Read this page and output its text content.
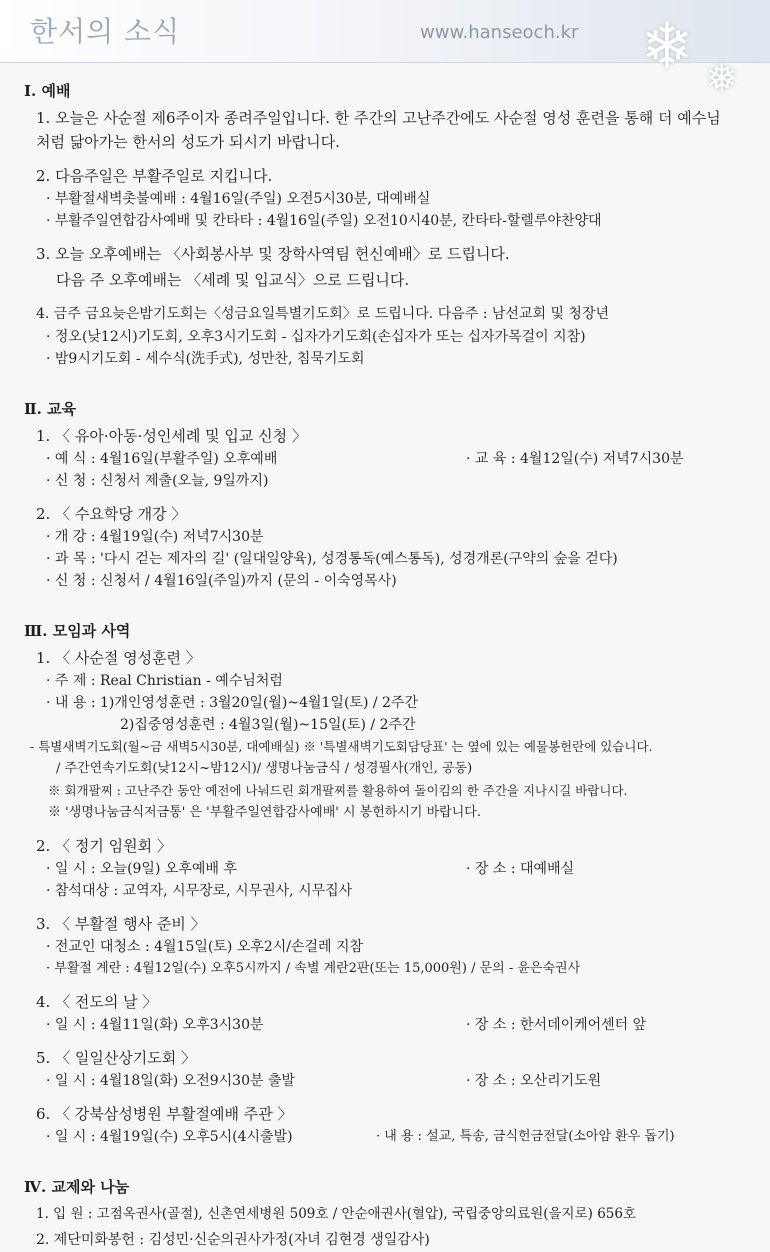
한서의 소식	www.hanseoch.kr ❄ ❅
Ⅰ. 예배
1. 오늘은 사순절 제6주이자 종려주일입니다. 한 주간의 고난주간에도 사순절 영성 훈련을 통해 더 예수님처럼 닮아가는 한서의 성도가 되시기 바랍니다.
2. 다음주일은 부활주일로 지킵니다.
· 부활절새벽촛불예배 : 4월16일(주일) 오전5시30분, 대예배실
· 부활주일연합감사예배 및 칸타타 : 4월16일(주일) 오전10시40분, 칸타타-할렐루야찬양대
3. 오늘 오후예배는 〈사회봉사부 및 장학사역팀 헌신예배〉로 드립니다.
다음 주 오후예배는 〈세례 및 입교식〉으로 드립니다.
4. 금주 금요늦은밤기도회는〈성금요일특별기도회〉로 드립니다. 다음주 : 남선교회 및 청장년
· 정오(낮12시)기도회, 오후3시기도회 - 십자가기도회(손십자가 또는 십자가목걸이 지참)
· 밤9시기도회 - 세수식(洗手式), 성만찬, 침묵기도회
Ⅱ. 교육
1. 〈 유아·아동·성인세례 및 입교 신청 〉
· 예 식 : 4월16일(부활주일) 오후예배	· 교 육 : 4월12일(수) 저녁7시30분
· 신 청 : 신청서 제출(오늘, 9일까지)
2. 〈 수요학당 개강 〉
· 개 강 : 4월19일(수) 저녁7시30분
· 과 목 : '다시 걷는 제자의 길' (일대일양육), 성경통독(예스통독), 성경개론(구약의 숲을 걷다)
· 신 청 : 신청서 / 4월16일(주일)까지 (문의 - 이숙영목사)
Ⅲ. 모임과 사역
1. 〈 사순절 영성훈련 〉
· 주 제 : Real Christian - 예수님처럼
· 내 용 : 1)개인영성훈련 : 3월20일(월)~4월1일(토) / 2주간
2)집중영성훈련 : 4월3일(월)~15일(토) / 2주간
- 특별새벽기도회(월~금 새벽5시30분, 대예배실) ※ '특별새벽기도회담당표' 는 옆에 있는 예물봉헌란에 있습니다.
/ 주간연속기도회(낮12시~밤12시)/ 생명나눔금식 / 성경필사(개인, 공동)
※ 회개팔찌 : 고난주간 동안 예전에 나눠드린 회개팔찌를 활용하여 돌이킴의 한 주간을 지나시길 바랍니다.
※ '생명나눔금식저금통' 은 '부활주일연합감사예배' 시 봉헌하시기 바랍니다.
2. 〈 정기 임원회 〉
· 일 시 : 오늘(9일) 오후예배 후	· 장 소 : 대예배실
· 참석대상 : 교역자, 시무장로, 시무권사, 시무집사
3. 〈 부활절 행사 준비 〉
· 전교인 대청소 : 4월15일(토) 오후2시/손걸레 지참
· 부활절 계란 : 4월12일(수) 오후5시까지 / 속별 계란2판(또는 15,000원) / 문의 - 윤은숙권사
4. 〈 전도의 날 〉
· 일 시 : 4월11일(화) 오후3시30분	· 장 소 : 한서데이케어센터 앞
5. 〈 일일산상기도회 〉
· 일 시 : 4월18일(화) 오전9시30분 출발	· 장 소 : 오산리기도원
6. 〈 강북삼성병원 부활절예배 주관 〉
· 일 시 : 4월19일(수) 오후5시(4시출발)	· 내 용 : 설교, 특송, 금식헌금전달(소아암 환우 돕기)
Ⅳ. 교제와 나눔
1. 입 원 : 고점옥권사(골절), 신촌연세병원 509호 / 안순애권사(혈압), 국립중앙의료원(을지로) 656호
2. 제단미화봉헌 : 김성민·신순의권사가정(자녀 김현경 생일감사)
